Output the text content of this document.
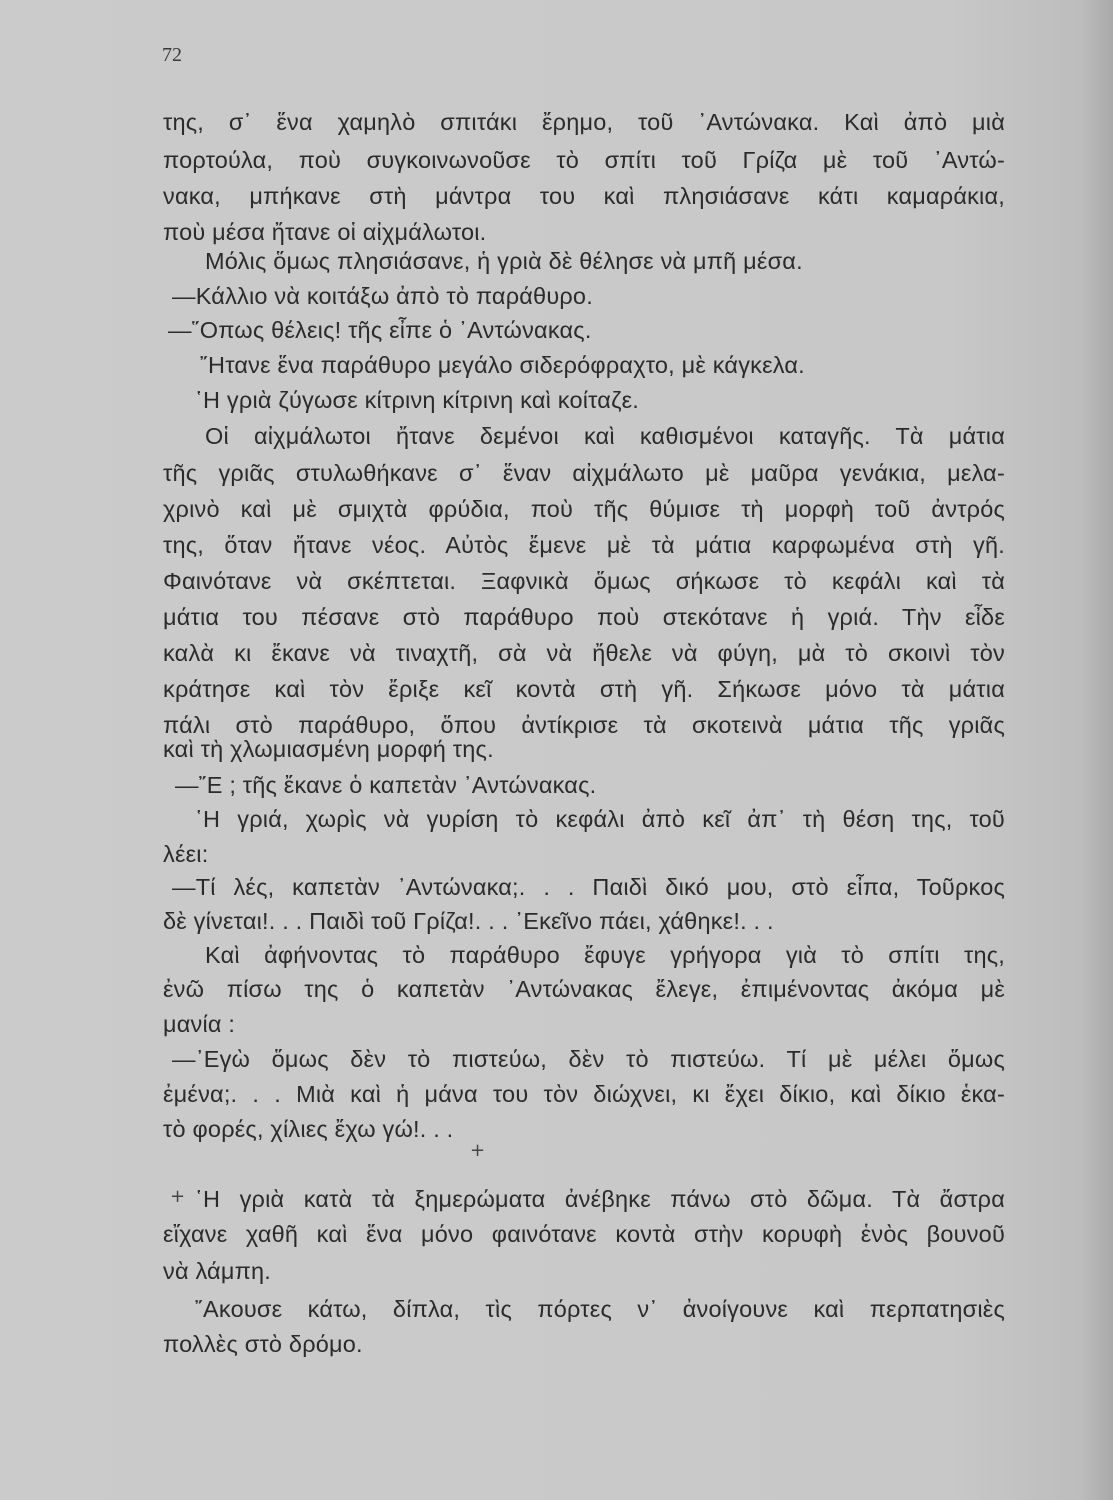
72
της, σ᾽ ἕνα χαμηλὸ σπιτάκι ἔρημο, τοῦ ᾽Αντώνακα. Καὶ ἀπὸ μιὰ
πορτούλα, ποὺ συγκοινωνοῦσε τὸ σπίτι τοῦ Γρίζα μὲ τοῦ ᾽Αντώ-
νακα, μπήκανε στὴ μάντρα του καὶ πλησιάσανε κάτι καμαράκια,
ποὺ μέσα ἤτανε οἱ αἰχμάλωτοι.
Μόλις ὅμως πλησιάσανε, ἡ γριὰ δὲ θέλησε νὰ μπῆ μέσα.
—Κάλλιο νὰ κοιτάξω ἀπὸ τὸ παράθυρο.
—῞Οπως θέλεις! τῆς εἶπε ὁ ᾽Αντώνακας.
῎Ητανε ἕνα παράθυρο μεγάλο σιδερόφραχτο, μὲ κάγκελα.
῾Η γριὰ ζύγωσε κίτρινη κίτρινη καὶ κοίταζε.
Οἱ αἰχμάλωτοι ἤτανε δεμένοι καὶ καθισμένοι καταγῆς. Τὰ μάτια
τῆς γριᾶς στυλωθήκανε σ᾽ ἕναν αἰχμάλωτο μὲ μαῦρα γενάκια, μελα-
χρινὸ καὶ μὲ σμιχτὰ φρύδια, ποὺ τῆς θύμισε τὴ μορφὴ τοῦ ἀντρός
της, ὅταν ἤτανε νέος. Αὐτὸς ἔμενε μὲ τὰ μάτια καρφωμένα στὴ γῆ.
Φαινότανε νὰ σκέπτεται. Ξαφνικὰ ὅμως σήκωσε τὸ κεφάλι καὶ τὰ
μάτια του πέσανε στὸ παράθυρο ποὺ στεκότανε ἡ γριά. Τὴν εἶδε
καλὰ κι ἔκανε νὰ τιναχτῆ, σὰ νὰ ἤθελε νὰ φύγη, μὰ τὸ σκοινὶ τὸν
κράτησε καὶ τὸν ἔριξε κεῖ κοντὰ στὴ γῆ. Σήκωσε μόνο τὰ μάτια
πάλι στὸ παράθυρο, ὅπου ἀντίκρισε τὰ σκοτεινὰ μάτια τῆς γριᾶς
καὶ τὴ χλωμιασμένη μορφή της.
—῎Ε ; τῆς ἔκανε ὁ καπετὰν ᾽Αντώνακας.
῾Η γριά, χωρὶς νὰ γυρίση τὸ κεφάλι ἀπὸ κεῖ ἀπ᾽ τὴ θέση της, τοῦ
λέει:
—Τί λές, καπετὰν ᾽Αντώνακα;. . . Παιδὶ δικό μου, στὸ εἶπα, Τοῦρκος
δὲ γίνεται!. . . Παιδὶ τοῦ Γρίζα!. . . ᾽Εκεῖνο πάει, χάθηκε!. . .
Καὶ ἀφήνοντας τὸ παράθυρο ἔφυγε γρήγορα γιὰ τὸ σπίτι της,
ἐνῶ πίσω της ὁ καπετὰν ᾽Αντώνακας ἔλεγε, ἐπιμένοντας ἀκόμα μὲ
μανία :
—᾽Εγὼ ὅμως δὲν τὸ πιστεύω, δὲν τὸ πιστεύω. Τί μὲ μέλει ὅμως
ἐμένα;. . . Μιὰ καὶ ἡ μάνα του τὸν διώχνει, κι ἔχει δίκιο, καὶ δίκιο ἑκα-
τὸ φορές, χίλιες ἔχω γώ!. . .
῾Η γριὰ κατὰ τὰ ξημερώματα ἀνέβηκε πάνω στὸ δῶμα. Τὰ ἄστρα
εἴχανε χαθῆ καὶ ἕνα μόνο φαινότανε κοντὰ στὴν κορυφὴ ἑνὸς βουνοῦ
νὰ λάμπη.
῎Ακουσε κάτω, δίπλα, τὶς πόρτες ν᾽ ἀνοίγουνε καὶ περπατησιὲς
πολλὲς στὸ δρόμο.
+
+
